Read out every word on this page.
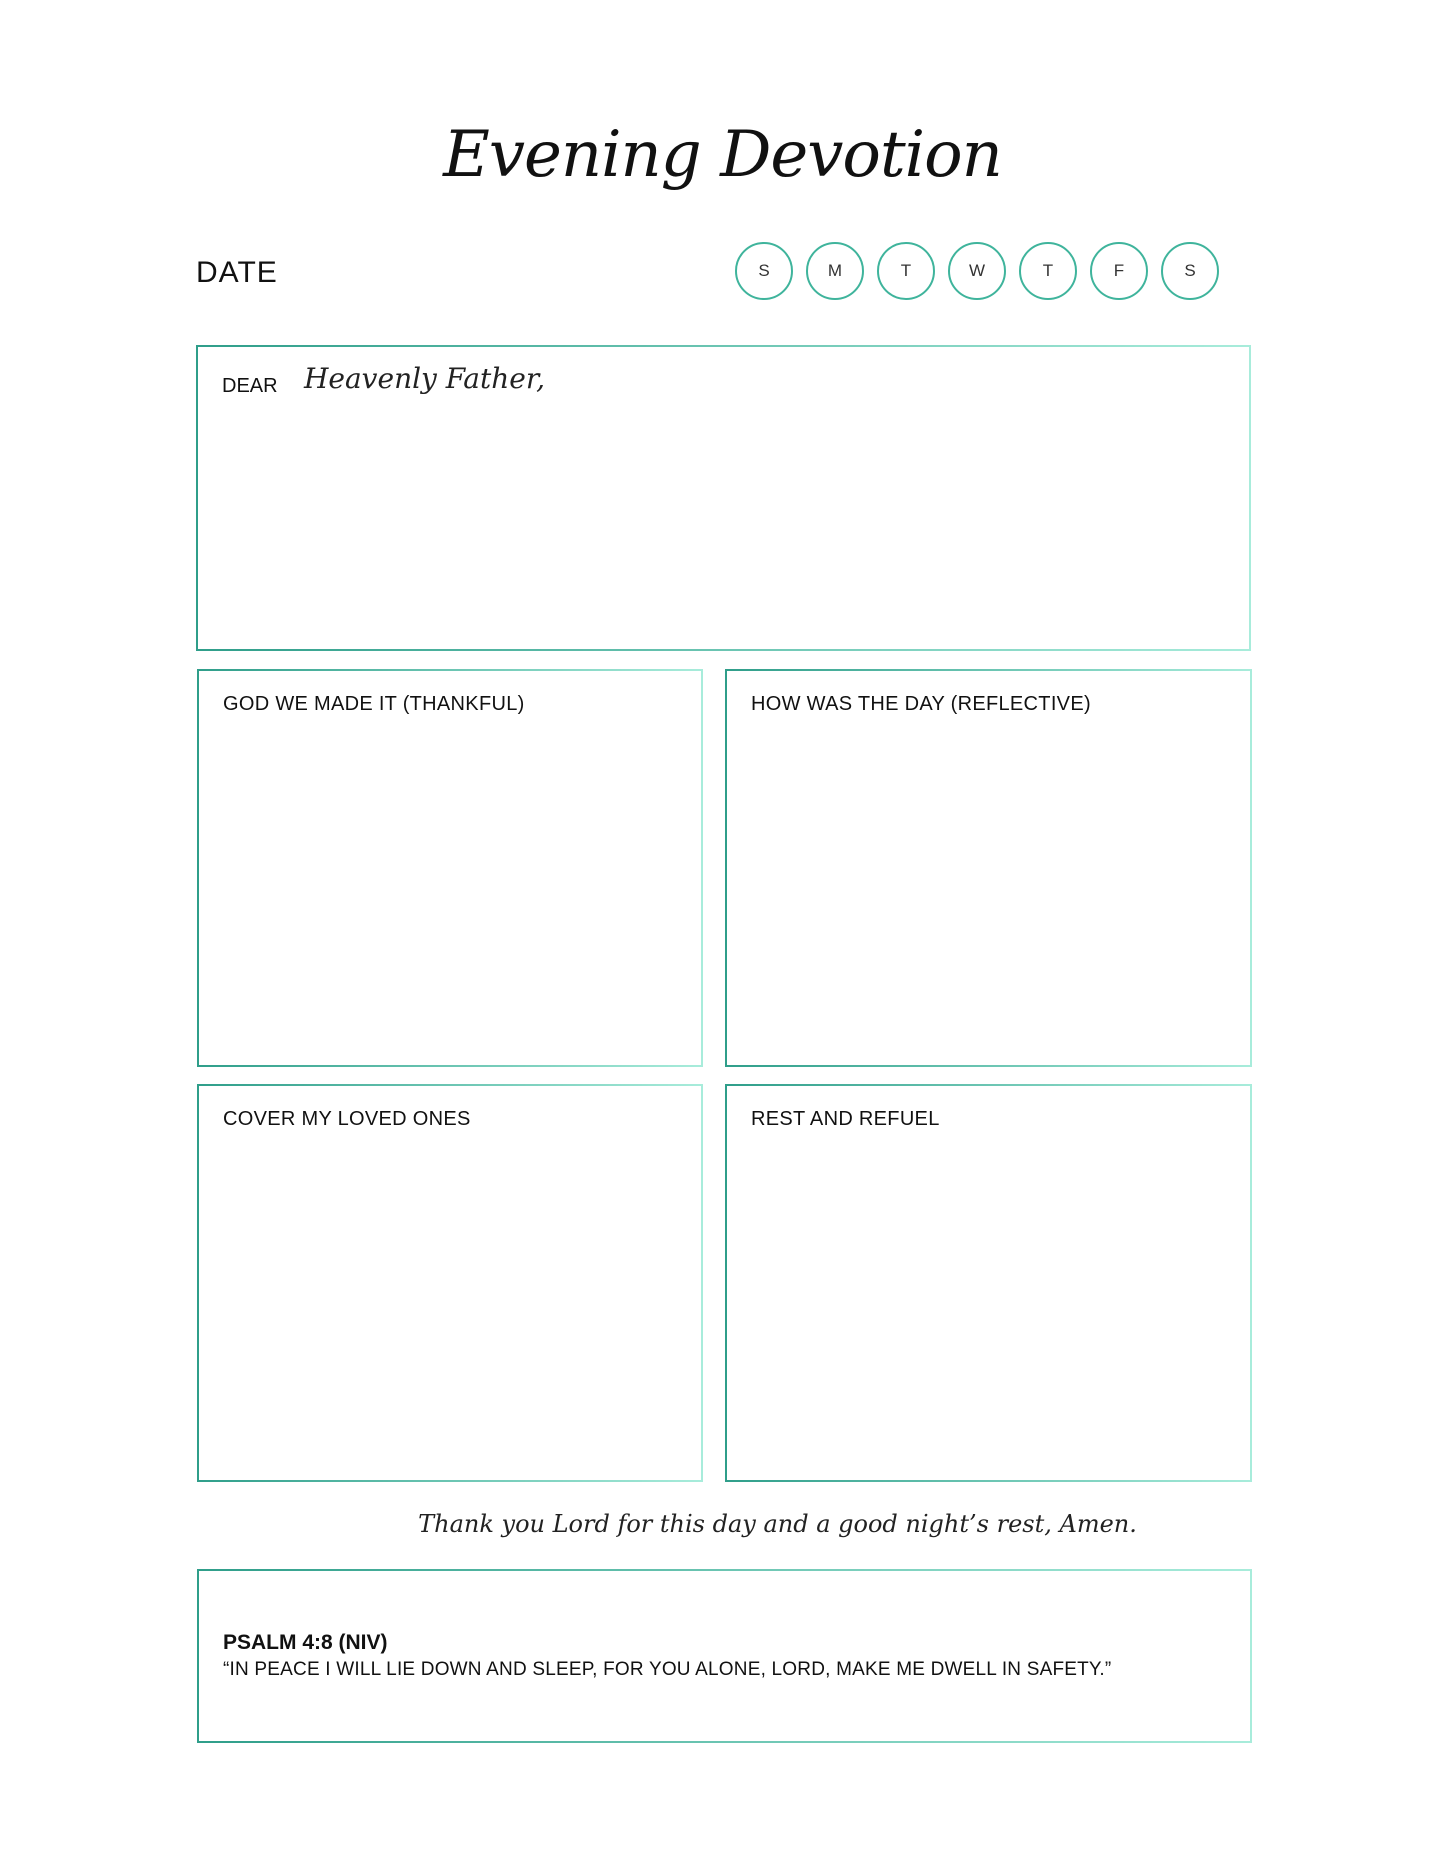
Evening Devotion
DATE	S	M	T	W	T	F	S
DEAR Heavenly Father,
GOD WE MADE IT (THANKFUL)	HOW WAS THE DAY (REFLECTIVE)
COVER MY LOVED ONES	REST AND REFUEL
Thank you Lord for this day and a good night’s rest, Amen.
PSALM 4:8 (NIV)
“IN PEACE I WILL LIE DOWN AND SLEEP, FOR YOU ALONE, LORD, MAKE ME DWELL IN SAFETY.”
